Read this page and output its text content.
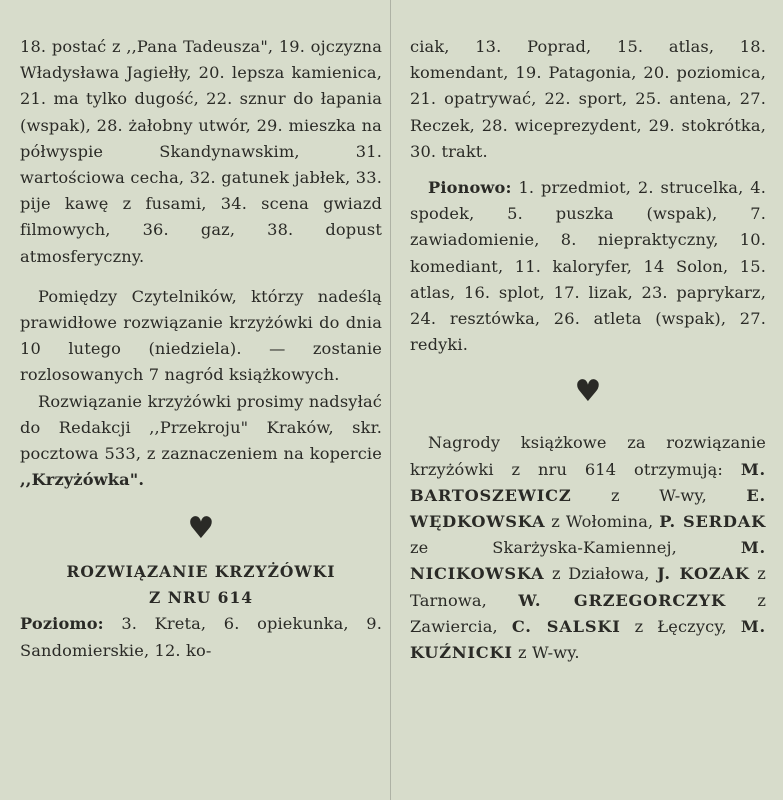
18. postać z ,,Pana Tadeusza", 19. ojczyzna Władysława Jagiełły, 20. lepsza kamienica, 21. ma tylko dugość, 22. sznur do łapania (wspak), 28. żałobny utwór, 29. mieszka na półwyspie Skandynawskim, 31. wartościowa cecha, 32. gatunek jabłek, 33. pije kawę z fusami, 34. scena gwiazd filmowych, 36. gaz, 38. dopust atmosferyczny.

Pomiędzy Czytelników, którzy nadeślą prawidłowe rozwiązanie krzyżówki do dnia 10 lutego (niedziela). — zostanie rozlosowanych 7 nagród książkowych.

Rozwiązanie krzyżówki prosimy nadsyłać do Redakcji ,,Przekroju" Kraków, skr. pocztowa 533, z zaznaczeniem na kopercie ,,Krzyżówka".

♥
ROZWIĄZANIE KRZYŻÓWKI
Z NRU 614

Poziomo: 3. Kreta, 6. opiekunka, 9. Sandomierskie, 12. ko-

ciak, 13. Poprad, 15. atlas, 18. komendant, 19. Patagonia, 20. poziomica, 21. opatrywać, 22. sport, 25. antena, 27. Reczek, 28. wiceprezydent, 29. stokrótka, 30. trakt.

Pionowo: 1. przedmiot, 2. strucelka, 4. spodek, 5. puszka (wspak), 7. zawiadomienie, 8. niepraktyczny, 10. komediant, 11. kaloryfer, 14 Solon, 15. atlas, 16. splot, 17. lizak, 23. paprykarz, 24. resztówka, 26. atleta (wspak), 27. redyki.

♥

Nagrody książkowe za rozwiązanie krzyżówki z nru 614 otrzymują: M. BARTOSZEWICZ z W-wy, E. WĘDKOWSKA z Wołomina, P. SERDAK ze Skarżyska-Kamiennej, M. NICIKOWSKA z Działowa, J. KOZAK z Tarnowa, W. GRZEGORCZYK z Zawiercia, C. SALSKI z Łęczycy, M. KUŹNICKI z W-wy.
